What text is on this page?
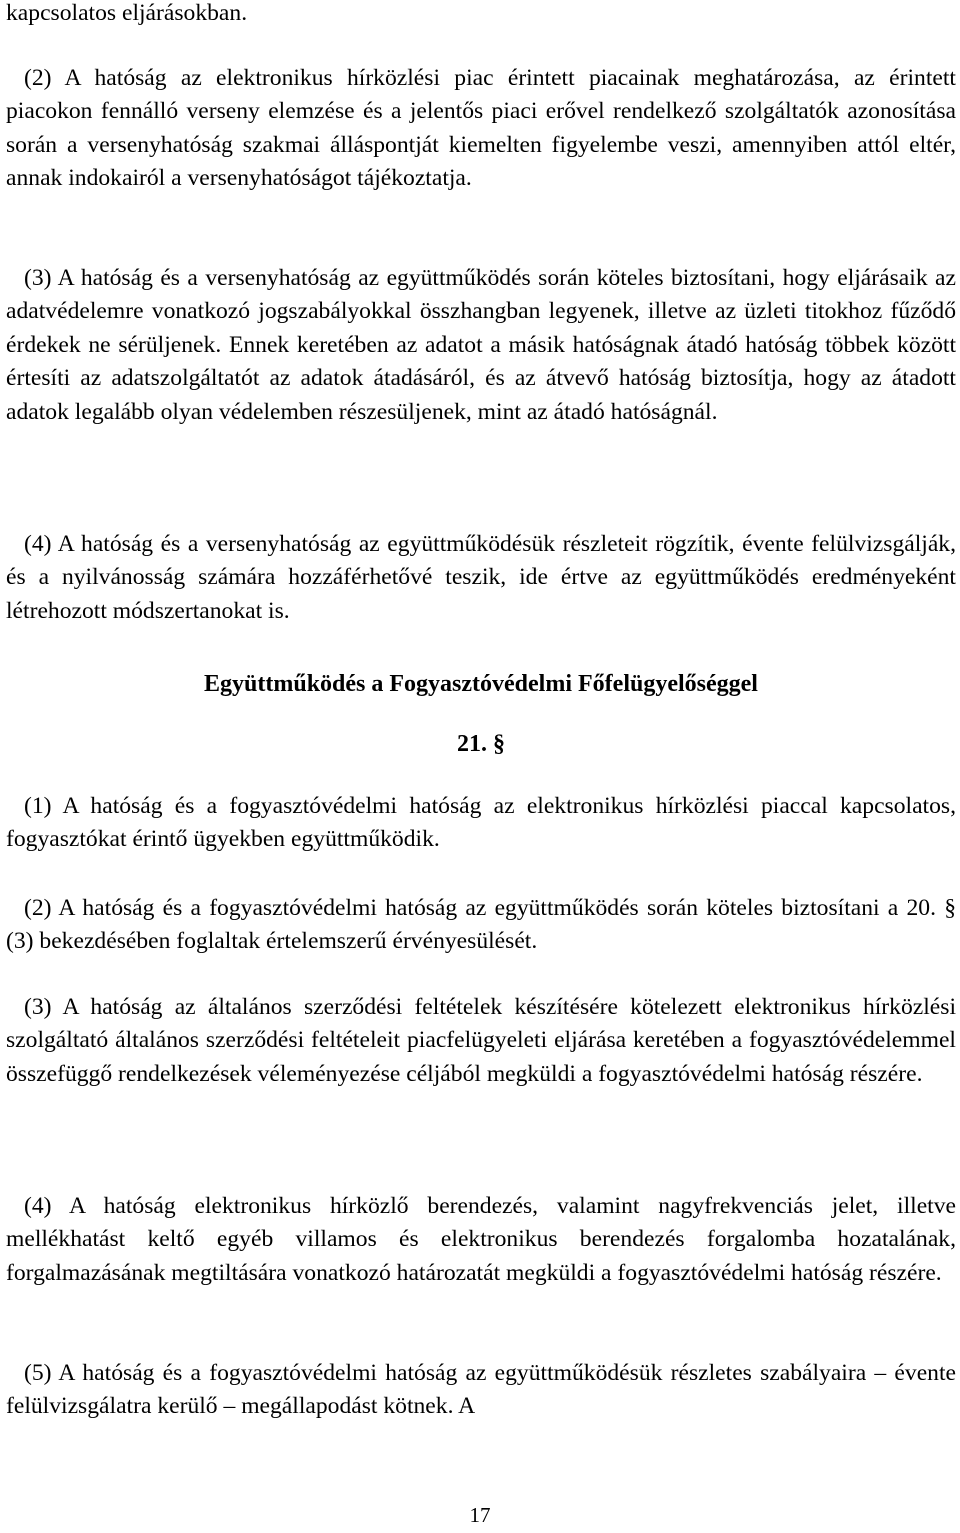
kapcsolatos eljárásokban.

(2) A hatóság az elektronikus hírközlési piac érintett piacainak meghatározása, az érintett piacokon fennálló verseny elemzése és a jelentős piaci erővel rendelkező szolgáltatók azonosítása során a versenyhatóság szakmai álláspontját kiemelten figyelembe veszi, amennyiben attól eltér, annak indokairól a versenyhatóságot tájékoztatja.

(3) A hatóság és a versenyhatóság az együttműködés során köteles biztosítani, hogy eljárásaik az adatvédelemre vonatkozó jogszabályokkal összhangban legyenek, illetve az üzleti titokhoz fűződő érdekek ne sérüljenek. Ennek keretében az adatot a másik hatóságnak átadó hatóság többek között értesíti az adatszolgáltatót az adatok átadásáról, és az átvevő hatóság biztosítja, hogy az átadott adatok legalább olyan védelemben részesüljenek, mint az átadó hatóságnál.

(4) A hatóság és a versenyhatóság az együttműködésük részleteit rögzítik, évente felülvizsgálják, és a nyilvánosság számára hozzáférhetővé teszik, ide értve az együttműködés eredményeként létrehozott módszertanokat is.

Együttműködés a Fogyasztóvédelmi Főfelügyelőséggel

21. §

(1) A hatóság és a fogyasztóvédelmi hatóság az elektronikus hírközlési piaccal kapcsolatos, fogyasztókat érintő ügyekben együttműködik.

(2) A hatóság és a fogyasztóvédelmi hatóság az együttműködés során köteles biztosítani a 20. § (3) bekezdésében foglaltak értelemszerű érvényesülését.

(3) A hatóság az általános szerződési feltételek készítésére kötelezett elektronikus hírközlési szolgáltató általános szerződési feltételeit piacfelügyeleti eljárása keretében a fogyasztóvédelemmel összefüggő rendelkezések véleményezése céljából megküldi a fogyasztóvédelmi hatóság részére.

(4) A hatóság elektronikus hírközlő berendezés, valamint nagyfrekvenciás jelet, illetve mellékhatást keltő egyéb villamos és elektronikus berendezés forgalomba hozatalának, forgalmazásának megtiltására vonatkozó határozatát megküldi a fogyasztóvédelmi hatóság részére.

(5) A hatóság és a fogyasztóvédelmi hatóság az együttműködésük részletes szabályaira – évente felülvizsgálatra kerülő – megállapodást kötnek. A

17
